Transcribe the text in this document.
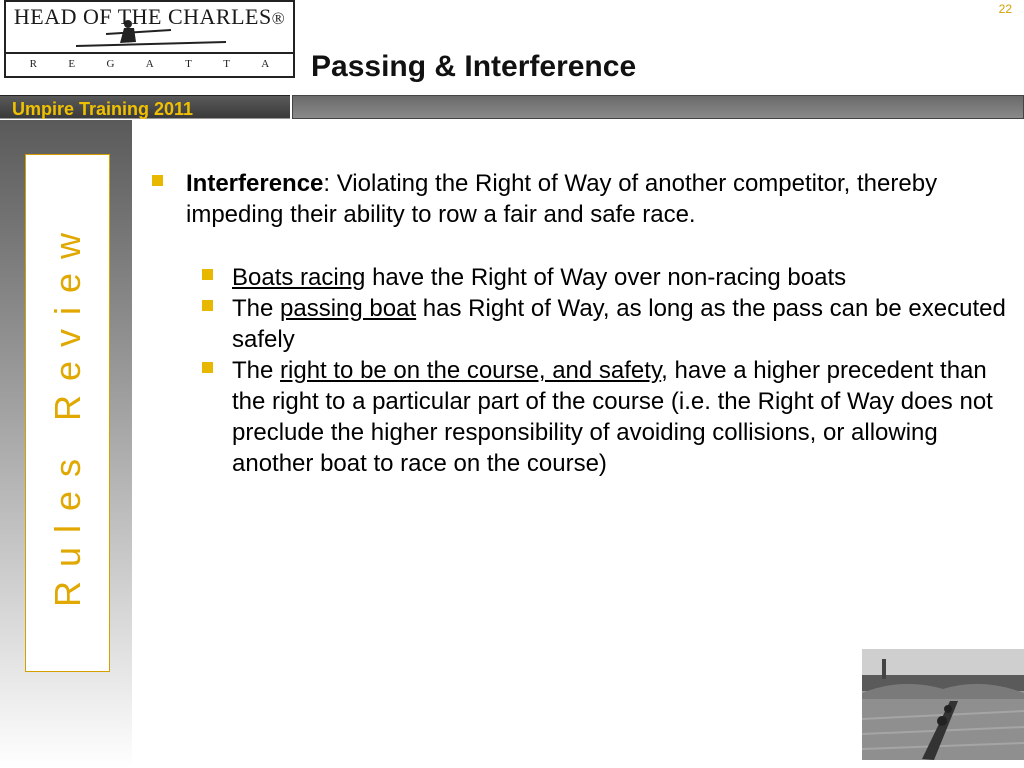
HEAD OF THE CHARLES®
R	E	G	A	T	T	A
22
Passing & Interference
Umpire Training 2011
Rules Review

Interference: Violating the Right of Way of another competitor, thereby impeding their ability to row a fair and safe race.

Boats racing have the Right of Way over non-racing boats

The passing boat has Right of Way, as long as the pass can be executed safely

The right to be on the course, and safety, have a higher precedent than the right to a particular part of the course (i.e. the Right of Way does not preclude the higher responsibility of avoiding collisions, or allowing another boat to race on the course)
